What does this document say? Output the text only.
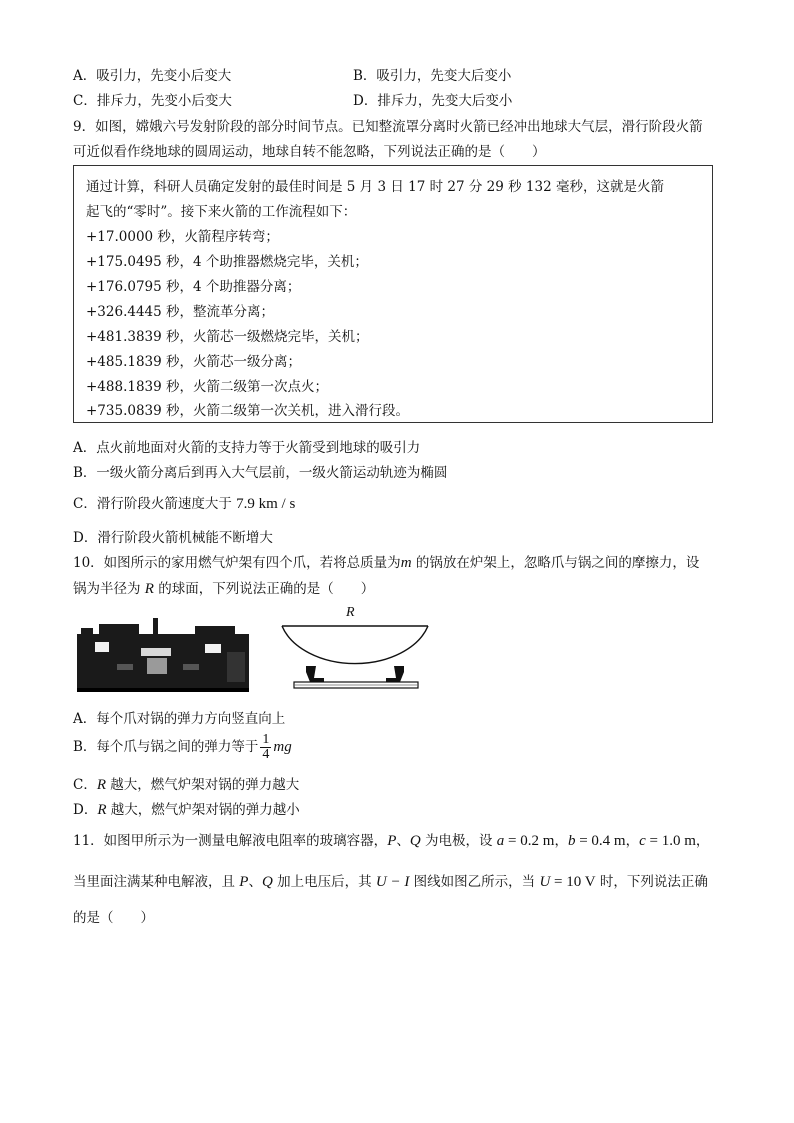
A．吸引力，先变小后变大	B．吸引力，先变大后变小
C．排斥力，先变小后变大	D．排斥力，先变大后变小
9．如图，嫦娥六号发射阶段的部分时间节点。已知整流罩分离时火箭已经冲出地球大气层，滑行阶段火箭
可近似看作绕地球的圆周运动，地球自转不能忽略，下列说法正确的是（　　）
通过计算，科研人员确定发射的最佳时间是 5 月 3 日 17 时 27 分 29 秒 132 毫秒，这就是火箭
起飞的“零时”。接下来火箭的工作流程如下：
+17.0000 秒，火箭程序转弯；
+175.0495 秒，4 个助推器燃烧完毕，关机；
+176.0795 秒，4 个助推器分离；
+326.4445 秒，整流革分离；
+481.3839 秒，火箭芯一级燃烧完毕，关机；
+485.1839 秒，火箭芯一级分离；
+488.1839 秒，火箭二级第一次点火；
+735.0839 秒，火箭二级第一次关机，进入滑行段。
A．点火前地面对火箭的支持力等于火箭受到地球的吸引力
B．一级火箭分离后到再入大气层前，一级火箭运动轨迹为椭圆
C．滑行阶段火箭速度大于 7.9 km / s
D．滑行阶段火箭机械能不断增大
10．如图所示的家用燃气炉架有四个爪，若将总质量为m 的锅放在炉架上，忽略爪与锅之间的摩擦力，设
锅为半径为 R 的球面，下列说法正确的是（　　）
R
A．每个爪对锅的弹力方向竖直向上
B．每个爪与锅之间的弹力等于 $\frac{1}{4}$ mg
C．R 越大，燃气炉架对锅的弹力越大
D．R 越大，燃气炉架对锅的弹力越小
11．如图甲所示为一测量电解液电阻率的玻璃容器，P、Q 为电极，设 a = 0.2 m，b = 0.4 m，c = 1.0 m，
当里面注满某种电解液，且 P、Q 加上电压后，其 U − I 图线如图乙所示，当 U = 10 V 时，下列说法正确
的是（　　）
